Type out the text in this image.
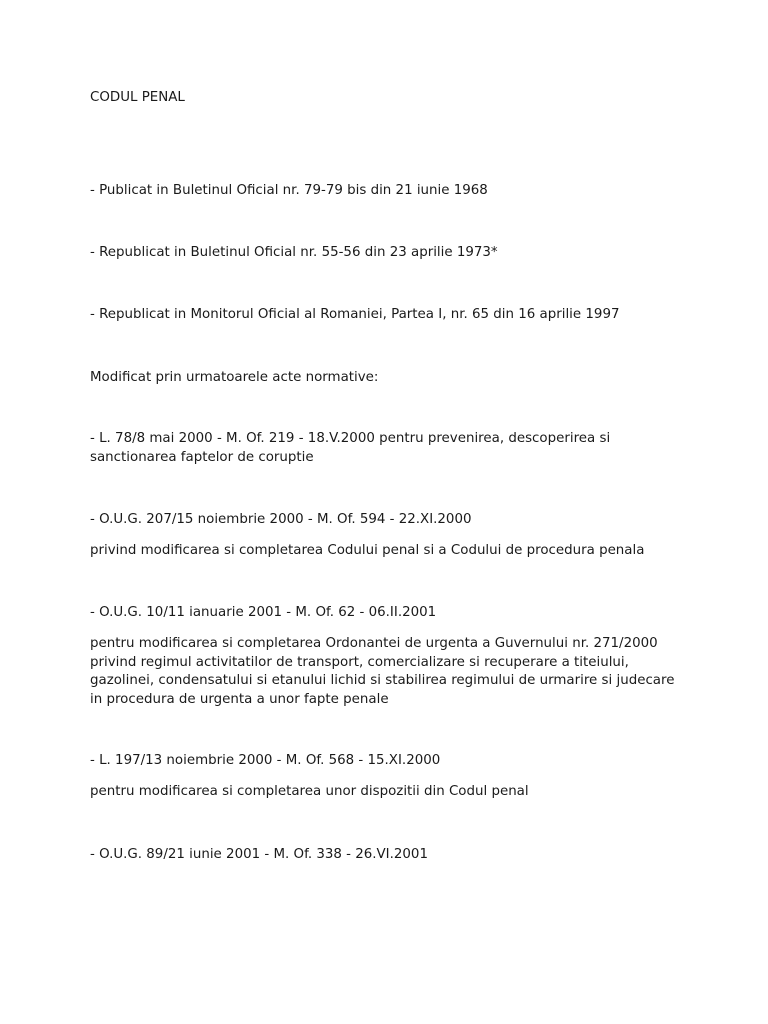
CODUL PENAL

- Publicat in Buletinul Oficial nr. 79-79 bis din 21 iunie 1968

- Republicat in Buletinul Oficial nr. 55-56 din 23 aprilie 1973*

- Republicat in Monitorul Oficial al Romaniei, Partea I, nr. 65 din 16 aprilie 1997

Modificat prin urmatoarele acte normative:

- L. 78/8 mai 2000 - M. Of. 219 - 18.V.2000 pentru prevenirea, descoperirea si sanctionarea faptelor de coruptie

- O.U.G. 207/15 noiembrie 2000 - M. Of. 594 - 22.XI.2000

privind modificarea si completarea Codului penal si a Codului de procedura penala

- O.U.G. 10/11 ianuarie 2001 - M. Of. 62 - 06.II.2001

pentru modificarea si completarea Ordonantei de urgenta a Guvernului nr. 271/2000 privind regimul activitatilor de transport, comercializare si recuperare a titeiului, gazolinei, condensatului si etanului lichid si stabilirea regimului de urmarire si judecare in procedura de urgenta a unor fapte penale

- L. 197/13 noiembrie 2000 - M. Of. 568 - 15.XI.2000

pentru modificarea si completarea unor dispozitii din Codul penal

- O.U.G. 89/21 iunie 2001 - M. Of. 338 - 26.VI.2001
